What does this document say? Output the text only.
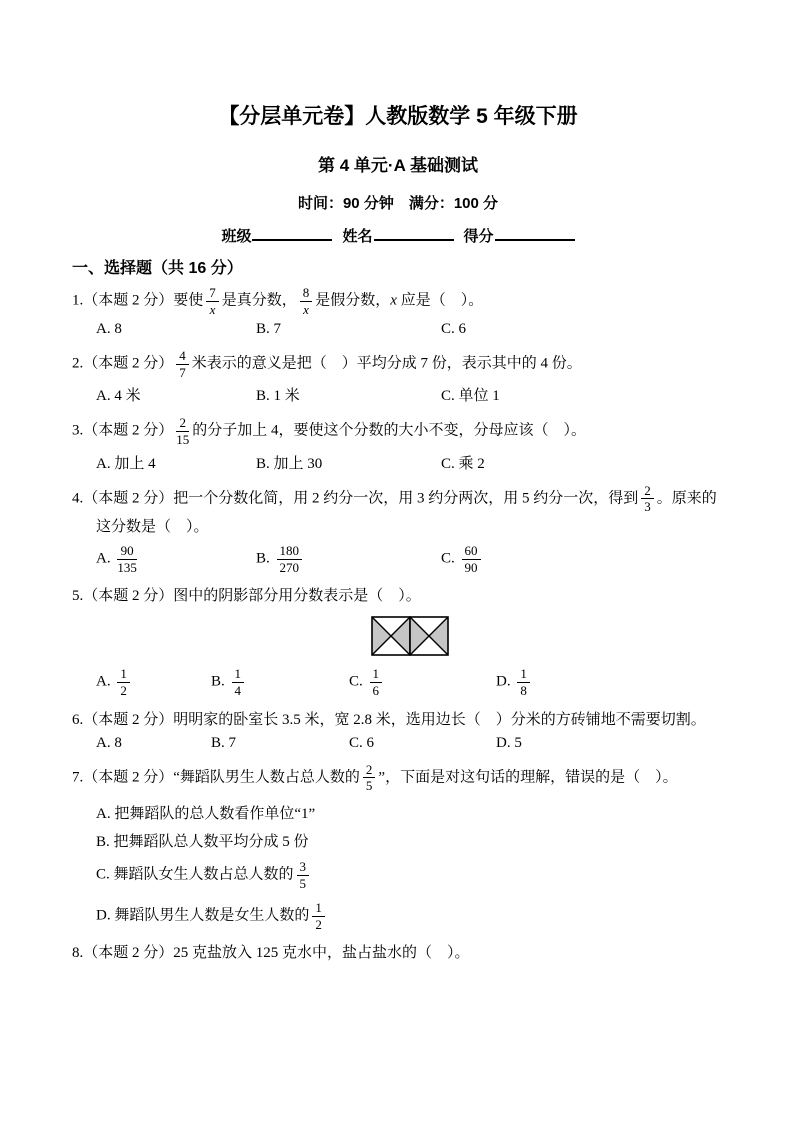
【分层单元卷】人教版数学 5 年级下册
第 4 单元·A 基础测试
时间：90 分钟　满分：100 分
班级	姓名	得分
一、选择题（共 16 分）
1.（本题 2 分）要使 $\frac{7}{x}$ 是真分数， $\frac{8}{x}$ 是假分数，x 应是（　）。
A. 8	B. 7	C. 6
2.（本题 2 分） $\frac{4}{7}$ 米表示的意义是把（　）平均分成 7 份，表示其中的 4 份。
A. 4 米	B. 1 米	C. 单位 1
3.（本题 2 分） $\frac{2}{15}$ 的分子加上 4，要使这个分数的大小不变，分母应该（　）。
A. 加上 4	B. 加上 30	C. 乘 2
4.（本题 2 分）把一个分数化简，用 2 约分一次，用 3 约分两次，用 5 约分一次，得到 $\frac{2}{3}$ 。原来的这分数是（　）。
A. $\frac{90}{135}$	B. $\frac{180}{270}$	C. $\frac{60}{90}$
5.（本题 2 分）图中的阴影部分用分数表示是（　）。
A. $\frac{1}{2}$	B. $\frac{1}{4}$	C. $\frac{1}{6}$	D. $\frac{1}{8}$
6.（本题 2 分）明明家的卧室长 3.5 米，宽 2.8 米，选用边长（　）分米的方砖铺地不需要切割。
A. 8	B. 7	C. 6	D. 5
7.（本题 2 分）“舞蹈队男生人数占总人数的 $\frac{2}{5}$ ”，下面是对这句话的理解，错误的是（　）。
A. 把舞蹈队的总人数看作单位“1”
B. 把舞蹈队总人数平均分成 5 份
C. 舞蹈队女生人数占总人数的 $\frac{3}{5}$
D. 舞蹈队男生人数是女生人数的 $\frac{1}{2}$
8.（本题 2 分）25 克盐放入 125 克水中，盐占盐水的（　）。
